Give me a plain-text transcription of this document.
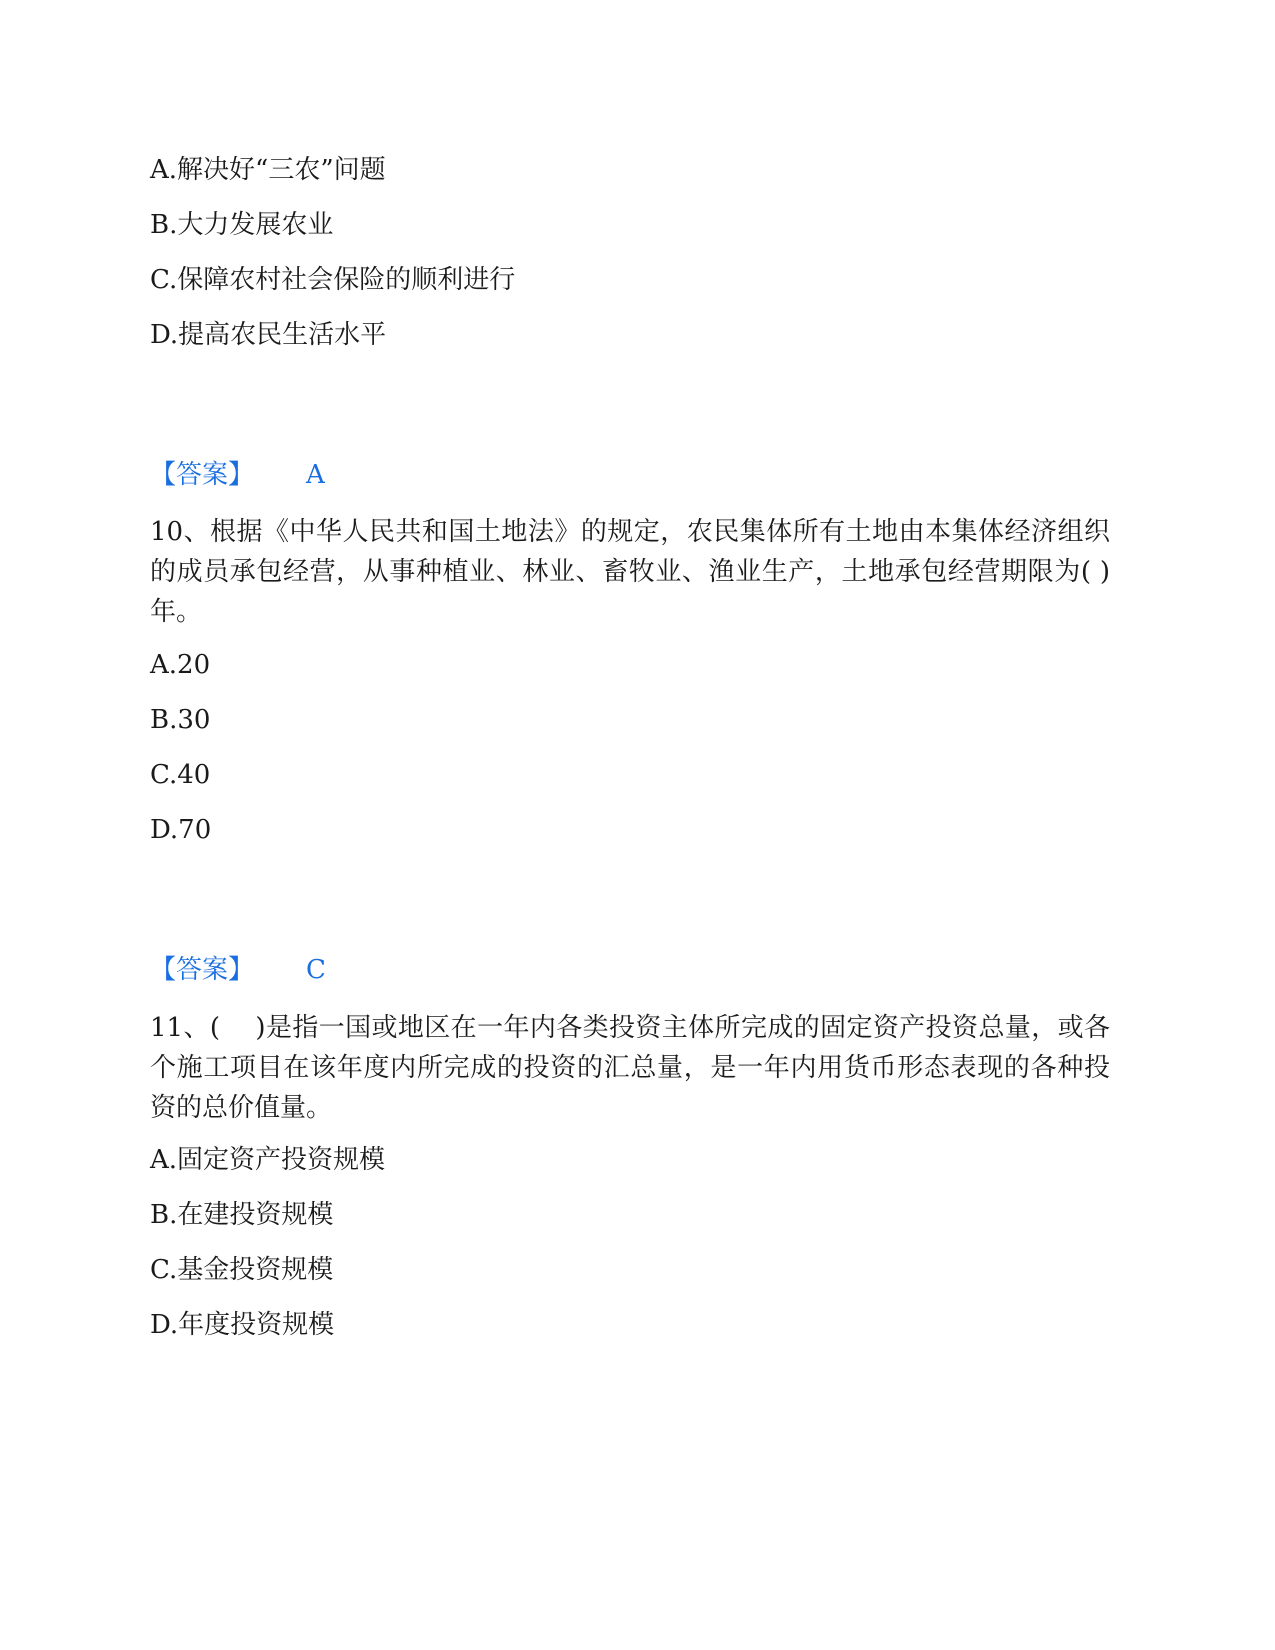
A.解决好“三农”问题
B.大力发展农业
C.保障农村社会保险的顺利进行
D.提高农民生活水平
【答案】 A
10、根据《中华人民共和国土地法》的规定，农民集体所有土地由本集体经济组织的成员承包经营，从事种植业、林业、畜牧业、渔业生产，土地承包经营期限为( )年。
A.20
B.30
C.40
D.70
【答案】 C
11、(　 )是指一国或地区在一年内各类投资主体所完成的固定资产投资总量，或各个施工项目在该年度内所完成的投资的汇总量，是一年内用货币形态表现的各种投资的总价值量。
A.固定资产投资规模
B.在建投资规模
C.基金投资规模
D.年度投资规模
